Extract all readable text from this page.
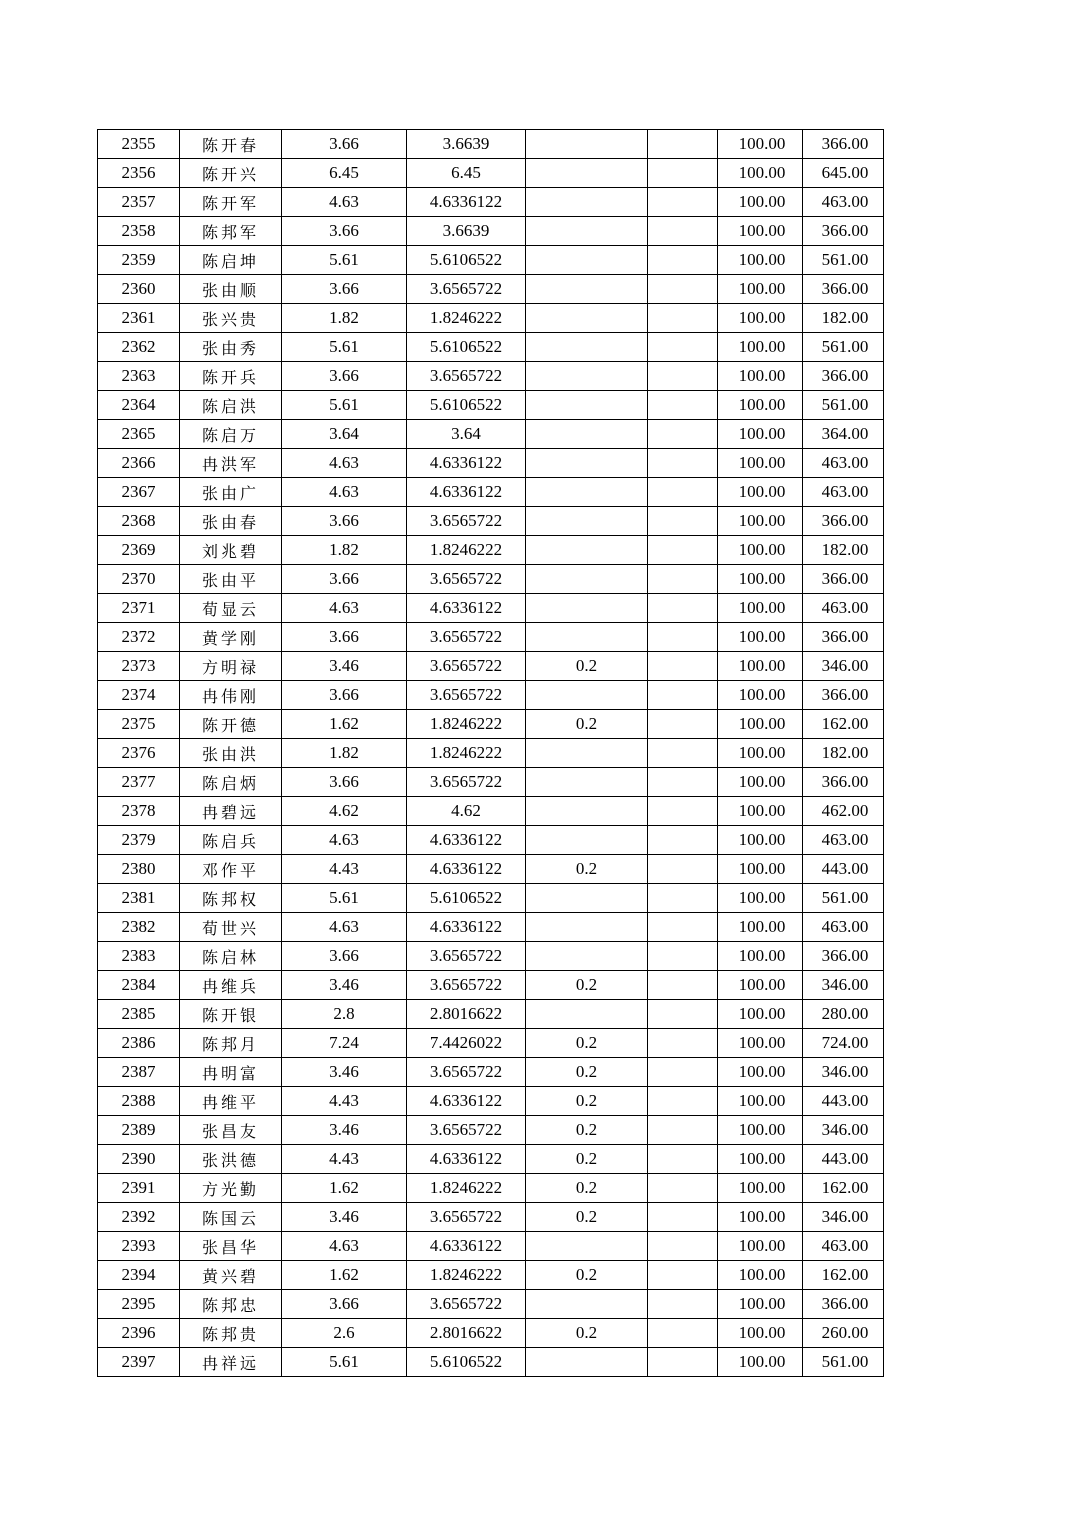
2355	陈开春	3.66	3.6639			100.00	366.00
2356	陈开兴	6.45	6.45			100.00	645.00
2357	陈开军	4.63	4.6336122			100.00	463.00
2358	陈邦军	3.66	3.6639			100.00	366.00
2359	陈启坤	5.61	5.6106522			100.00	561.00
2360	张由顺	3.66	3.6565722			100.00	366.00
2361	张兴贵	1.82	1.8246222			100.00	182.00
2362	张由秀	5.61	5.6106522			100.00	561.00
2363	陈开兵	3.66	3.6565722			100.00	366.00
2364	陈启洪	5.61	5.6106522			100.00	561.00
2365	陈启万	3.64	3.64			100.00	364.00
2366	冉洪军	4.63	4.6336122			100.00	463.00
2367	张由广	4.63	4.6336122			100.00	463.00
2368	张由春	3.66	3.6565722			100.00	366.00
2369	刘兆碧	1.82	1.8246222			100.00	182.00
2370	张由平	3.66	3.6565722			100.00	366.00
2371	荀显云	4.63	4.6336122			100.00	463.00
2372	黄学刚	3.66	3.6565722			100.00	366.00
2373	方明禄	3.46	3.6565722	0.2		100.00	346.00
2374	冉伟刚	3.66	3.6565722			100.00	366.00
2375	陈开德	1.62	1.8246222	0.2		100.00	162.00
2376	张由洪	1.82	1.8246222			100.00	182.00
2377	陈启炳	3.66	3.6565722			100.00	366.00
2378	冉碧远	4.62	4.62			100.00	462.00
2379	陈启兵	4.63	4.6336122			100.00	463.00
2380	邓作平	4.43	4.6336122	0.2		100.00	443.00
2381	陈邦权	5.61	5.6106522			100.00	561.00
2382	荀世兴	4.63	4.6336122			100.00	463.00
2383	陈启林	3.66	3.6565722			100.00	366.00
2384	冉维兵	3.46	3.6565722	0.2		100.00	346.00
2385	陈开银	2.8	2.8016622			100.00	280.00
2386	陈邦月	7.24	7.4426022	0.2		100.00	724.00
2387	冉明富	3.46	3.6565722	0.2		100.00	346.00
2388	冉维平	4.43	4.6336122	0.2		100.00	443.00
2389	张昌友	3.46	3.6565722	0.2		100.00	346.00
2390	张洪德	4.43	4.6336122	0.2		100.00	443.00
2391	方光勤	1.62	1.8246222	0.2		100.00	162.00
2392	陈国云	3.46	3.6565722	0.2		100.00	346.00
2393	张昌华	4.63	4.6336122			100.00	463.00
2394	黄兴碧	1.62	1.8246222	0.2		100.00	162.00
2395	陈邦忠	3.66	3.6565722			100.00	366.00
2396	陈邦贵	2.6	2.8016622	0.2		100.00	260.00
2397	冉祥远	5.61	5.6106522			100.00	561.00
